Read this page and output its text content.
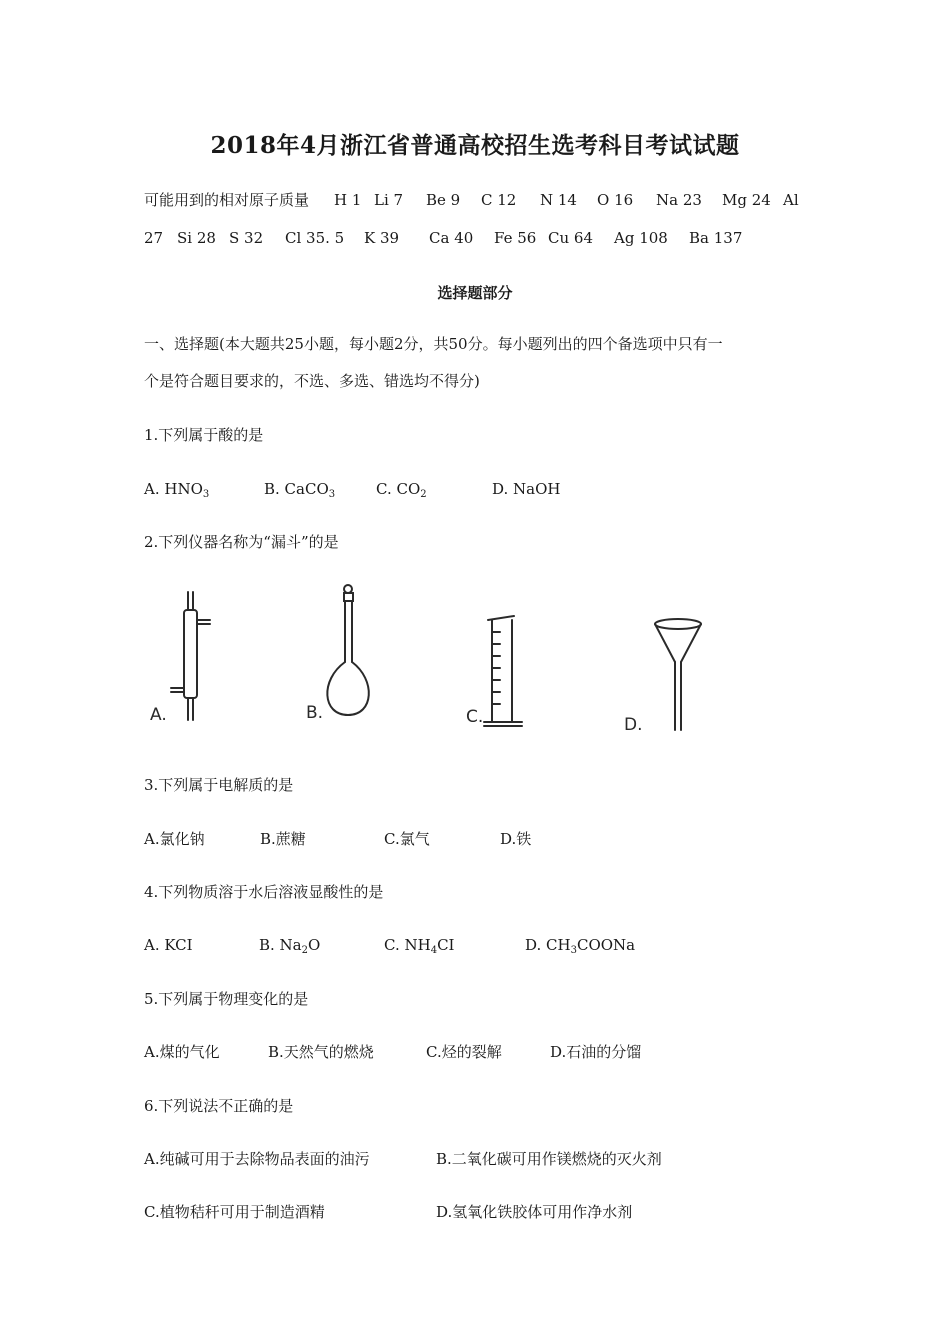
2018年4月浙江省普通高校招生选考科目考试试题
可能用到的相对原子质量 H 1 Li 7 Be 9 C 12 N 14 O 16 Na 23 Mg 24 Al
27 Si 28 S 32 Cl 35. 5 K 39 Ca 40 Fe 56 Cu 64 Ag 108 Ba 137
选择题部分
一、选择题(本大题共25小题，每小题2分，共50分。每小题列出的四个备选项中只有一
个是符合题目要求的，不选、多选、错选均不得分)
1.下列属于酸的是
A. $HNO_3$	B. CaCO$_3$	C. $CO_2$	D. NaOH
2.下列仪器名称为“漏斗”的是
A.	B.	C.	D.
3.下列属于电解质的是
A.氯化钠	B.蔗糖	C.氯气	D.铁
4.下列物质溶于水后溶液显酸性的是
A. KCI	B. $Na_2O$	C. $NH_4CI$	D. $CH_3COONa$
5.下列属于物理变化的是
A.煤的气化	B.天然气的燃烧	C.烃的裂解	D.石油的分馏
6.下列说法不正确的是
A.纯碱可用于去除物品表面的油污	B.二氧化碳可用作镁燃烧的灭火剂
C.植物秸秆可用于制造酒精	D.氢氧化铁胶体可用作净水剂
